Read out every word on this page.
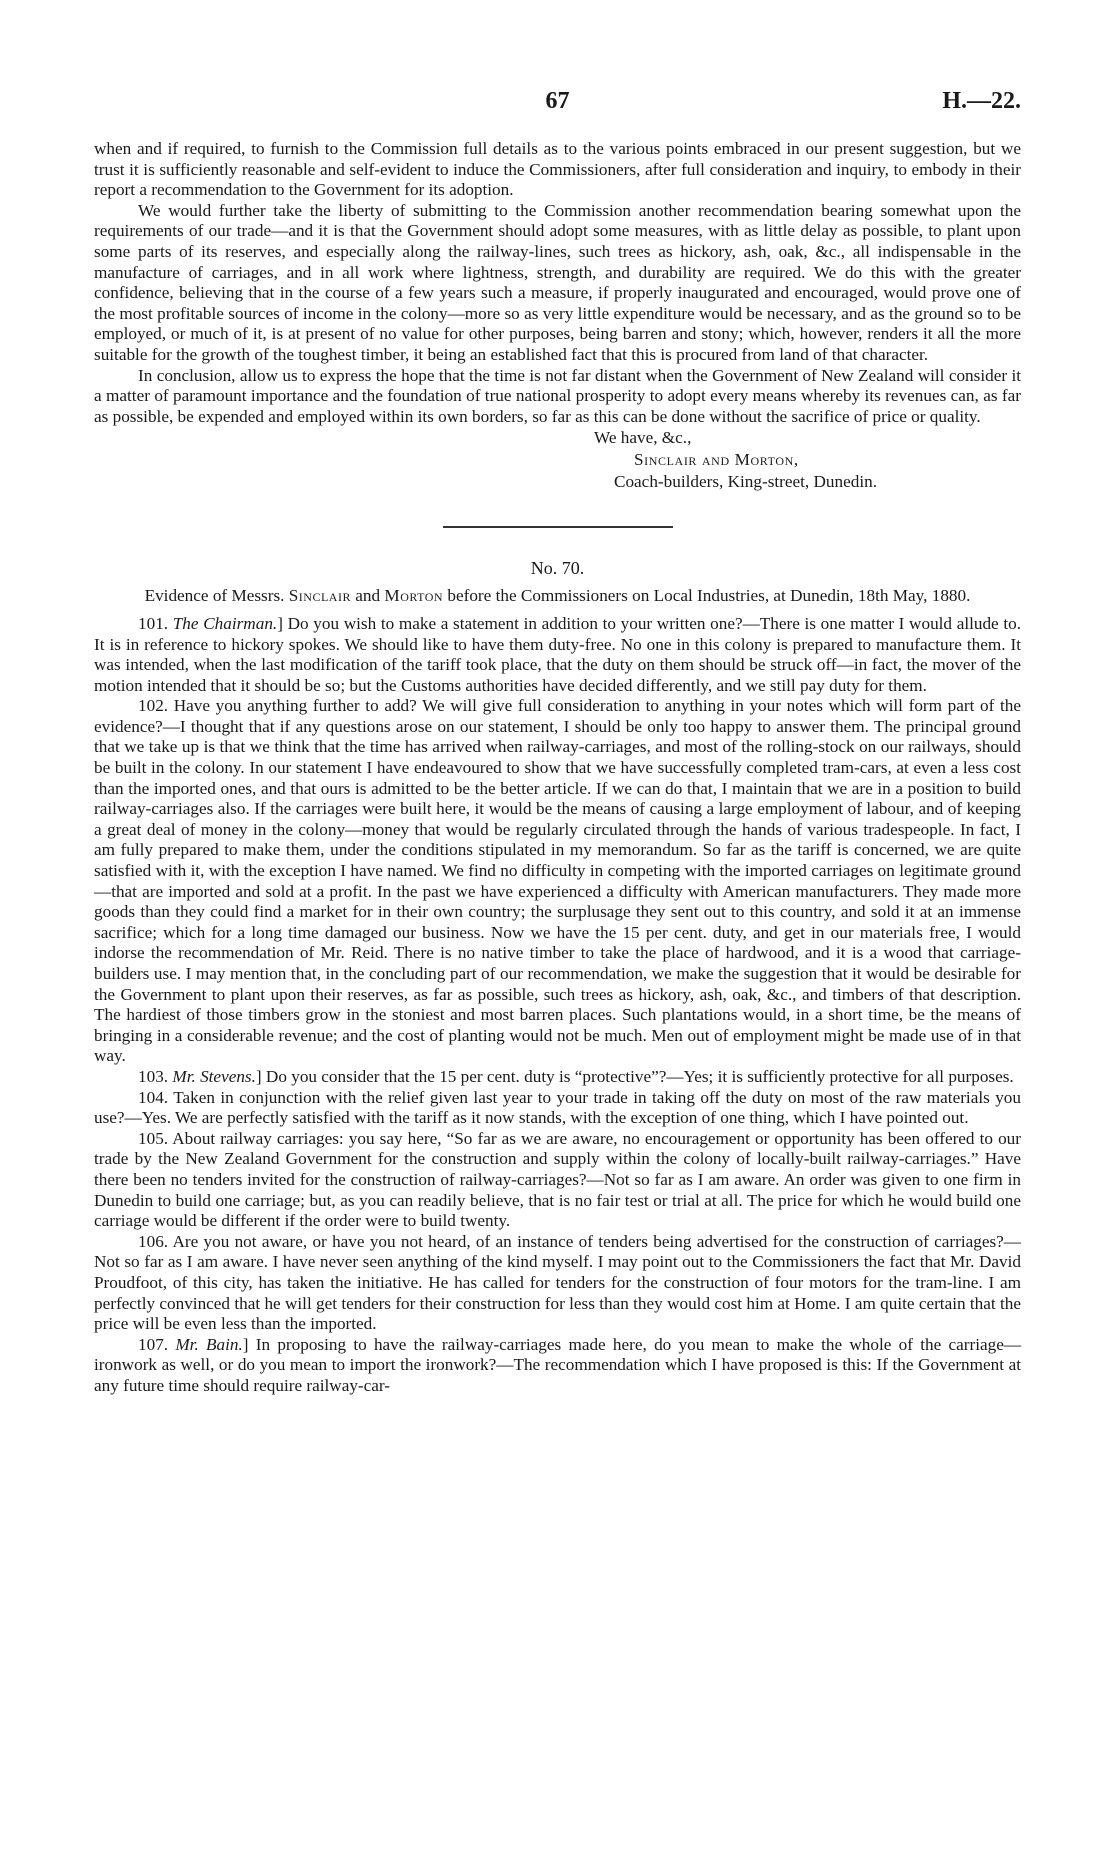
67	H.—22.

when and if required, to furnish to the Commission full details as to the various points embraced in our present suggestion, but we trust it is sufficiently reasonable and self-evident to induce the Commissioners, after full consideration and inquiry, to embody in their report a recommendation to the Government for its adoption.

We would further take the liberty of submitting to the Commission another recommendation bearing somewhat upon the requirements of our trade—and it is that the Government should adopt some measures, with as little delay as possible, to plant upon some parts of its reserves, and especially along the railway-lines, such trees as hickory, ash, oak, &c., all indispensable in the manufacture of carriages, and in all work where lightness, strength, and durability are required. We do this with the greater confidence, believing that in the course of a few years such a measure, if properly inaugurated and encouraged, would prove one of the most profitable sources of income in the colony—more so as very little expenditure would be necessary, and as the ground so to be employed, or much of it, is at present of no value for other purposes, being barren and stony; which, however, renders it all the more suitable for the growth of the toughest timber, it being an established fact that this is procured from land of that character.

In conclusion, allow us to express the hope that the time is not far distant when the Government of New Zealand will consider it a matter of paramount importance and the foundation of true national prosperity to adopt every means whereby its revenues can, as far as possible, be expended and employed within its own borders, so far as this can be done without the sacrifice of price or quality.

We have, &c.,
Sinclair and Morton,
Coach-builders, King-street, Dunedin.
No. 70.
Evidence of Messrs. Sinclair and Morton before the Commissioners on Local Industries, at Dunedin, 18th May, 1880.

101. The Chairman.] Do you wish to make a statement in addition to your written one?—There is one matter I would allude to. It is in reference to hickory spokes. We should like to have them duty-free. No one in this colony is prepared to manufacture them. It was intended, when the last modification of the tariff took place, that the duty on them should be struck off—in fact, the mover of the motion intended that it should be so; but the Customs authorities have decided differently, and we still pay duty for them.

102. Have you anything further to add? We will give full consideration to anything in your notes which will form part of the evidence?—I thought that if any questions arose on our statement, I should be only too happy to answer them. The principal ground that we take up is that we think that the time has arrived when railway-carriages, and most of the rolling-stock on our railways, should be built in the colony. In our statement I have endeavoured to show that we have successfully completed tram-cars, at even a less cost than the imported ones, and that ours is admitted to be the better article. If we can do that, I maintain that we are in a position to build railway-carriages also. If the carriages were built here, it would be the means of causing a large employment of labour, and of keeping a great deal of money in the colony—money that would be regularly circulated through the hands of various tradespeople. In fact, I am fully prepared to make them, under the conditions stipulated in my memorandum. So far as the tariff is concerned, we are quite satisfied with it, with the exception I have named. We find no difficulty in competing with the imported carriages on legitimate ground—that are imported and sold at a profit. In the past we have experienced a difficulty with American manufacturers. They made more goods than they could find a market for in their own country; the surplusage they sent out to this country, and sold it at an immense sacrifice; which for a long time damaged our business. Now we have the 15 per cent. duty, and get in our materials free, I would indorse the recommendation of Mr. Reid. There is no native timber to take the place of hardwood, and it is a wood that carriage-builders use. I may mention that, in the concluding part of our recommendation, we make the suggestion that it would be desirable for the Government to plant upon their reserves, as far as possible, such trees as hickory, ash, oak, &c., and timbers of that description. The hardiest of those timbers grow in the stoniest and most barren places. Such plantations would, in a short time, be the means of bringing in a considerable revenue; and the cost of planting would not be much. Men out of employment might be made use of in that way.

103. Mr. Stevens.] Do you consider that the 15 per cent. duty is “protective”?—Yes; it is sufficiently protective for all purposes.

104. Taken in conjunction with the relief given last year to your trade in taking off the duty on most of the raw materials you use?—Yes. We are perfectly satisfied with the tariff as it now stands, with the exception of one thing, which I have pointed out.

105. About railway carriages: you say here, “So far as we are aware, no encouragement or opportunity has been offered to our trade by the New Zealand Government for the construction and supply within the colony of locally-built railway-carriages.” Have there been no tenders invited for the construction of railway-carriages?—Not so far as I am aware. An order was given to one firm in Dunedin to build one carriage; but, as you can readily believe, that is no fair test or trial at all. The price for which he would build one carriage would be different if the order were to build twenty.

106. Are you not aware, or have you not heard, of an instance of tenders being advertised for the construction of carriages?—Not so far as I am aware. I have never seen anything of the kind myself. I may point out to the Commissioners the fact that Mr. David Proudfoot, of this city, has taken the initiative. He has called for tenders for the construction of four motors for the tram-line. I am perfectly convinced that he will get tenders for their construction for less than they would cost him at Home. I am quite certain that the price will be even less than the imported.

107. Mr. Bain.] In proposing to have the railway-carriages made here, do you mean to make the whole of the carriage—ironwork as well, or do you mean to import the ironwork?—The recommendation which I have proposed is this: If the Government at any future time should require railway-car-
